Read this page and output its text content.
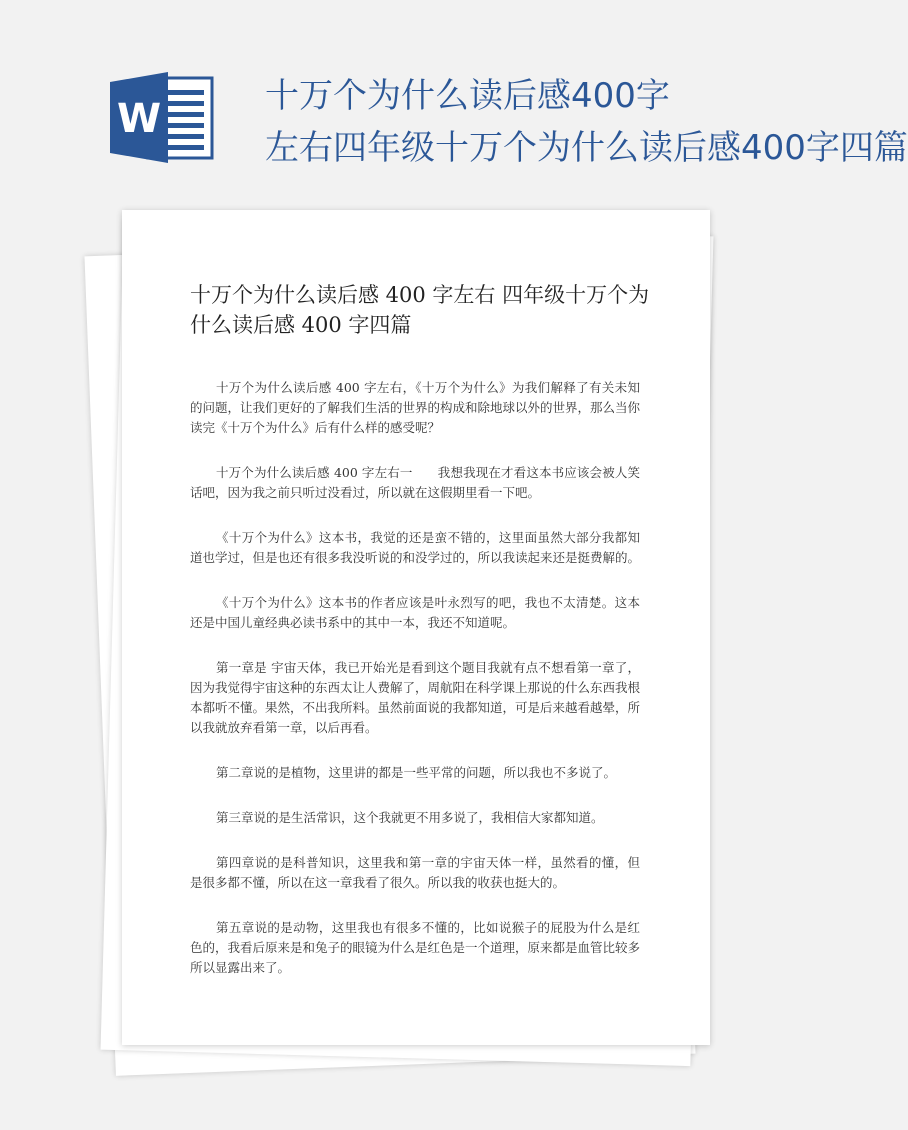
W	十万个为什么读后感400字
左右四年级十万个为什么读后感400字四篇
十万个为什么读后感 400 字左右 四年级十万个为什么读后感 400 字四篇

十万个为什么读后感 400 字左右，《十万个为什么》为我们解释了有关未知的问题，让我们更好的了解我们生活的世界的构成和除地球以外的世界，那么当你读完《十万个为什么》后有什么样的感受呢？

十万个为什么读后感 400 字左右一　　我想我现在才看这本书应该会被人笑话吧，因为我之前只听过没看过，所以就在这假期里看一下吧。

《十万个为什么》这本书，我觉的还是蛮不错的，这里面虽然大部分我都知道也学过，但是也还有很多我没听说的和没学过的，所以我读起来还是挺费解的。

《十万个为什么》这本书的作者应该是叶永烈写的吧，我也不太清楚。这本还是中国儿童经典必读书系中的其中一本，我还不知道呢。

第一章是 宇宙天体，我已开始光是看到这个题目我就有点不想看第一章了，因为我觉得宇宙这种的东西太让人费解了，周航阳在科学课上那说的什么东西我根本都听不懂。果然，不出我所料。虽然前面说的我都知道，可是后来越看越晕，所以我就放弃看第一章，以后再看。

第二章说的是植物，这里讲的都是一些平常的问题，所以我也不多说了。

第三章说的是生活常识，这个我就更不用多说了，我相信大家都知道。

第四章说的是科普知识，这里我和第一章的宇宙天体一样，虽然看的懂，但是很多都不懂，所以在这一章我看了很久。所以我的收获也挺大的。

第五章说的是动物，这里我也有很多不懂的，比如说猴子的屁股为什么是红色的，我看后原来是和兔子的眼镜为什么是红色是一个道理，原来都是血管比较多所以显露出来了。
